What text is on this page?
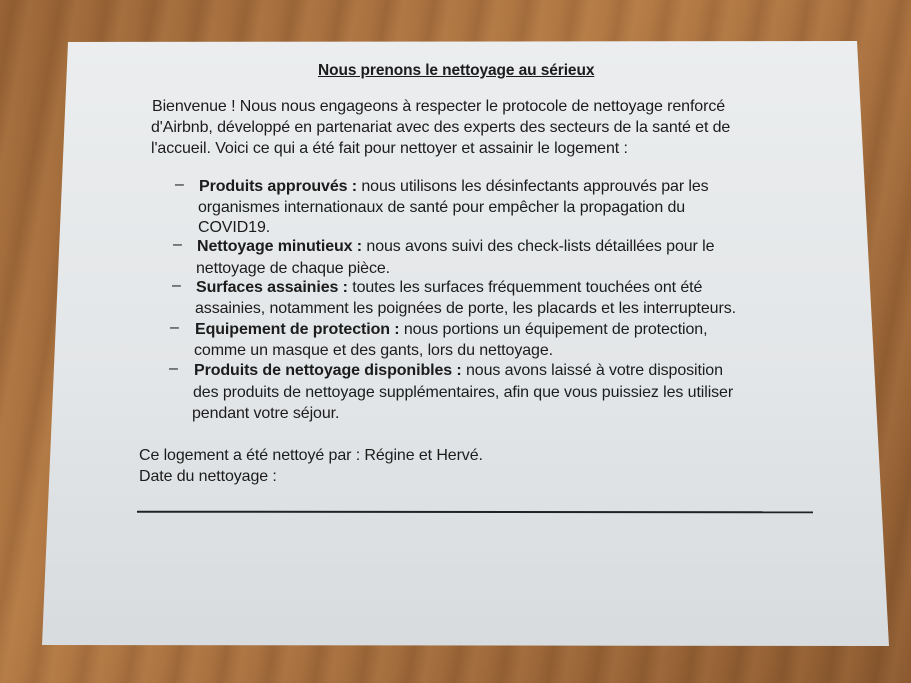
Nous prenons le nettoyage au sérieux
Bienvenue ! Nous nous engageons à respecter le protocole de nettoyage renforcé
d'Airbnb, développé en partenariat avec des experts des secteurs de la santé et de
l'accueil. Voici ce qui a été fait pour nettoyer et assainir le logement :
– Produits approuvés : nous utilisons les désinfectants approuvés par les
organismes internationaux de santé pour empêcher la propagation du
COVID19.
– Nettoyage minutieux : nous avons suivi des check-lists détaillées pour le
nettoyage de chaque pièce.
– Surfaces assainies : toutes les surfaces fréquemment touchées ont été
assainies, notamment les poignées de porte, les placards et les interrupteurs.
– Equipement de protection : nous portions un équipement de protection,
comme un masque et des gants, lors du nettoyage.
– Produits de nettoyage disponibles : nous avons laissé à votre disposition
des produits de nettoyage supplémentaires, afin que vous puissiez les utiliser
pendant votre séjour.
Ce logement a été nettoyé par : Régine et Hervé.
Date du nettoyage :
